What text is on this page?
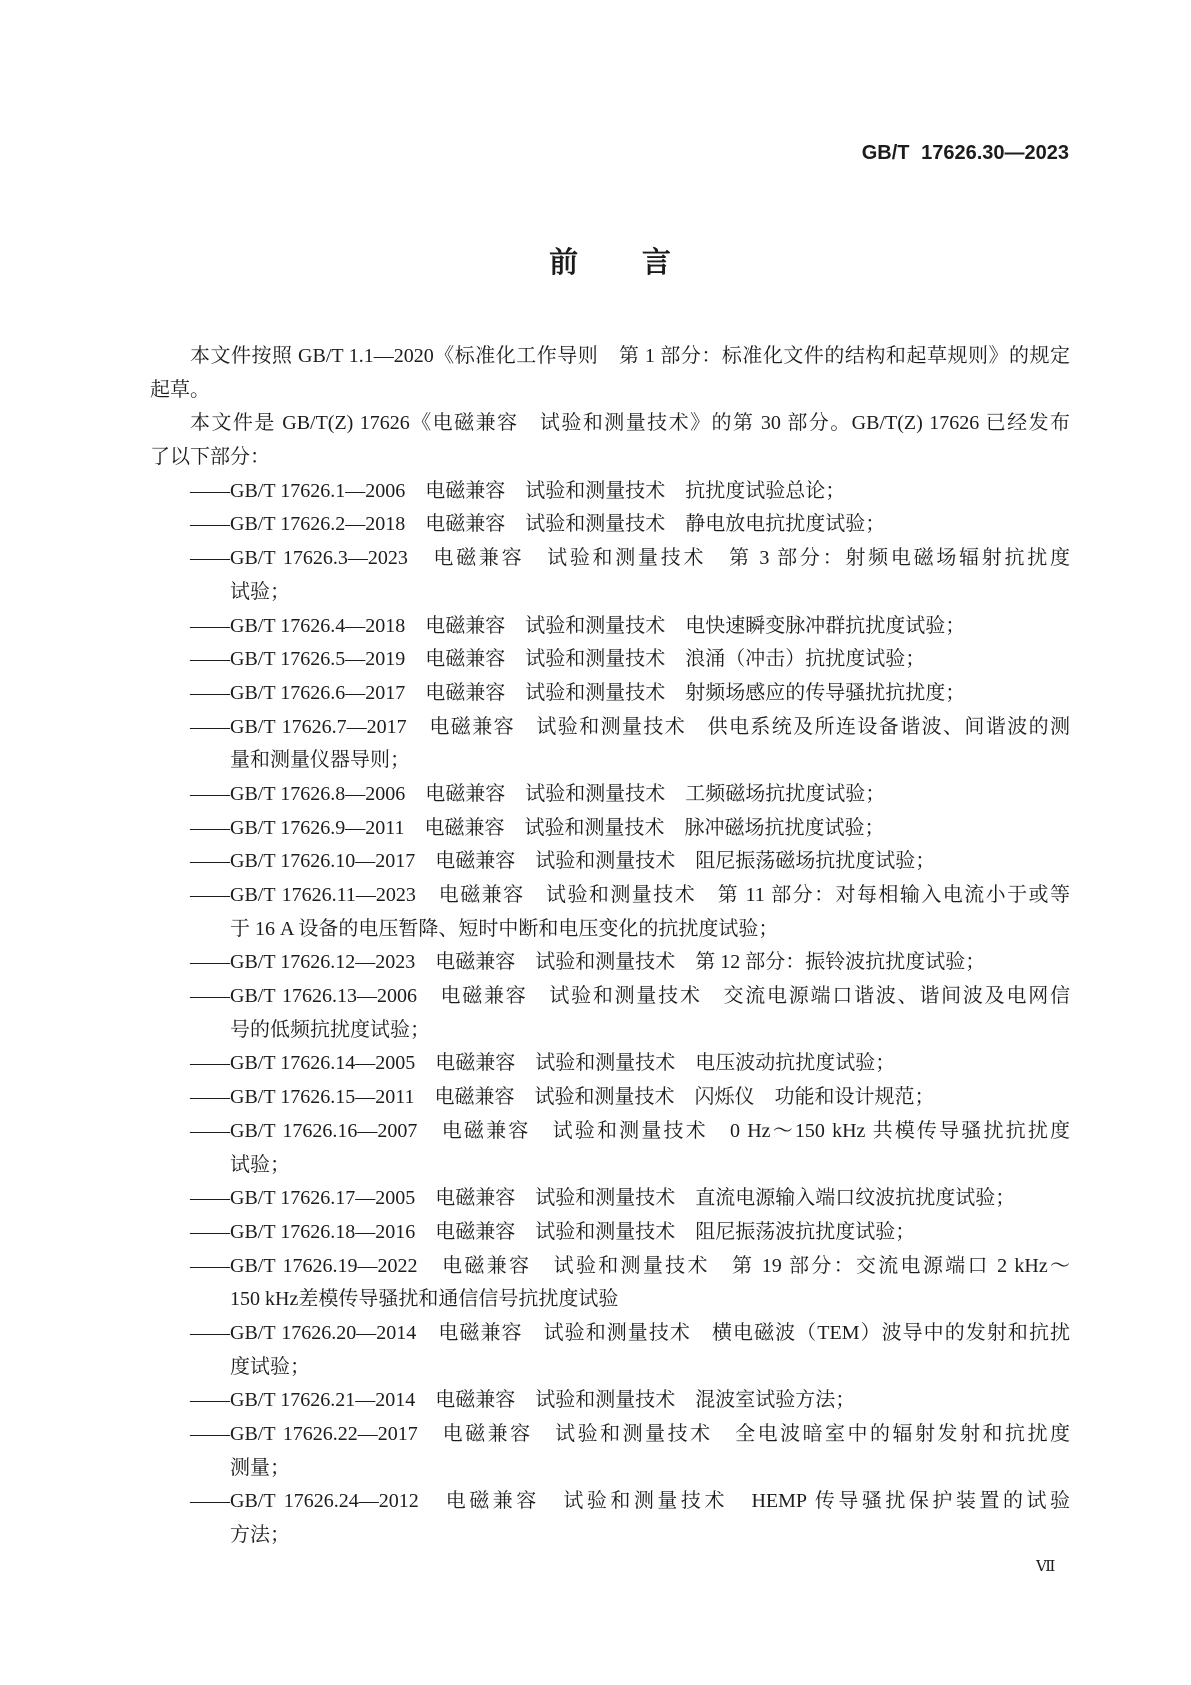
GB/T 17626.30—2023
前　言
本文件按照 GB/T 1.1—2020《标准化工作导则　第 1 部分：标准化文件的结构和起草规则》的规定
起草。
本文件是 GB/T(Z) 17626《电磁兼容　试验和测量技术》的第 30 部分。GB/T(Z) 17626 已经发布
了以下部分：
——GB/T 17626.1—2006　电磁兼容　试验和测量技术　抗扰度试验总论；
——GB/T 17626.2—2018　电磁兼容　试验和测量技术　静电放电抗扰度试验；
——GB/T 17626.3—2023　电磁兼容　试验和测量技术　第 3 部分：射频电磁场辐射抗扰度
试验；
——GB/T 17626.4—2018　电磁兼容　试验和测量技术　电快速瞬变脉冲群抗扰度试验；
——GB/T 17626.5—2019　电磁兼容　试验和测量技术　浪涌（冲击）抗扰度试验；
——GB/T 17626.6—2017　电磁兼容　试验和测量技术　射频场感应的传导骚扰抗扰度；
——GB/T 17626.7—2017　电磁兼容　试验和测量技术　供电系统及所连设备谐波、间谐波的测
量和测量仪器导则；
——GB/T 17626.8—2006　电磁兼容　试验和测量技术　工频磁场抗扰度试验；
——GB/T 17626.9—2011　电磁兼容　试验和测量技术　脉冲磁场抗扰度试验；
——GB/T 17626.10—2017　电磁兼容　试验和测量技术　阻尼振荡磁场抗扰度试验；
——GB/T 17626.11—2023　电磁兼容　试验和测量技术　第 11 部分：对每相输入电流小于或等
于 16 A 设备的电压暂降、短时中断和电压变化的抗扰度试验；
——GB/T 17626.12—2023　电磁兼容　试验和测量技术　第 12 部分：振铃波抗扰度试验；
——GB/T 17626.13—2006　电磁兼容　试验和测量技术　交流电源端口谐波、谐间波及电网信
号的低频抗扰度试验；
——GB/T 17626.14—2005　电磁兼容　试验和测量技术　电压波动抗扰度试验；
——GB/T 17626.15—2011　电磁兼容　试验和测量技术　闪烁仪　功能和设计规范；
——GB/T 17626.16—2007　电磁兼容　试验和测量技术　0 Hz～150 kHz 共模传导骚扰抗扰度
试验；
——GB/T 17626.17—2005　电磁兼容　试验和测量技术　直流电源输入端口纹波抗扰度试验；
——GB/T 17626.18—2016　电磁兼容　试验和测量技术　阻尼振荡波抗扰度试验；
——GB/T 17626.19—2022　电磁兼容　试验和测量技术　第 19 部分：交流电源端口 2 kHz～
150 kHz差模传导骚扰和通信信号抗扰度试验
——GB/T 17626.20—2014　电磁兼容　试验和测量技术　横电磁波（TEM）波导中的发射和抗扰
度试验；
——GB/T 17626.21—2014　电磁兼容　试验和测量技术　混波室试验方法；
——GB/T 17626.22—2017　电磁兼容　试验和测量技术　全电波暗室中的辐射发射和抗扰度
测量；
——GB/T 17626.24—2012　电磁兼容　试验和测量技术　HEMP 传导骚扰保护装置的试验
方法；
Ⅶ
